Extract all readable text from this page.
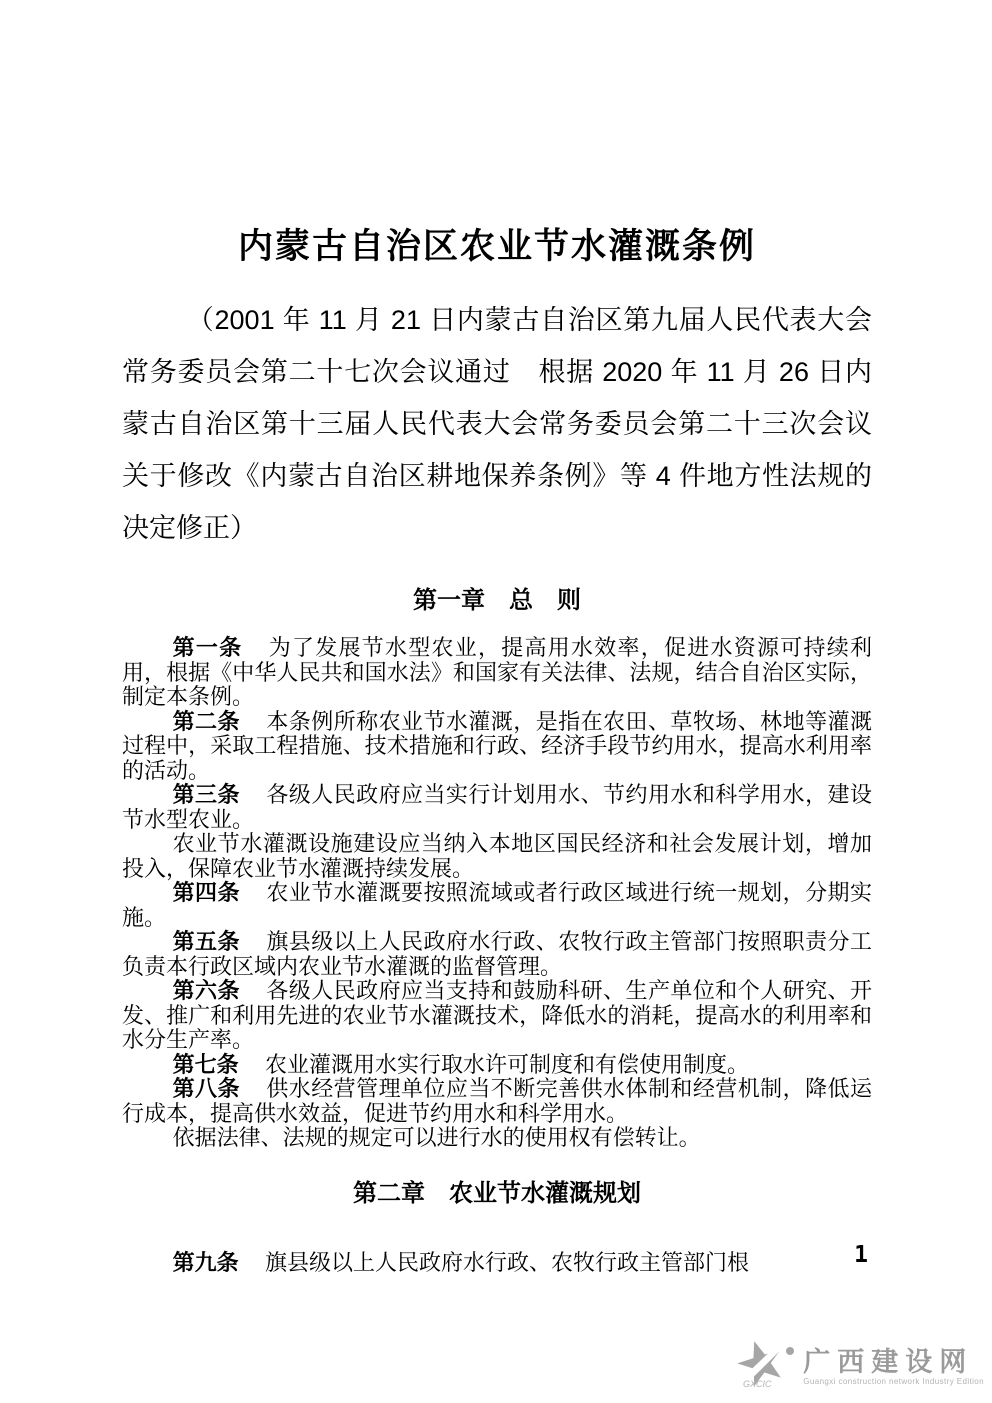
内蒙古自治区农业节水灌溉条例

（2001 年 11 月 21 日内蒙古自治区第九届人民代表大会常务委员会第二十七次会议通过　根据 2020 年 11 月 26 日内蒙古自治区第十三届人民代表大会常务委员会第二十三次会议关于修改《内蒙古自治区耕地保养条例》等 4 件地方性法规的决定修正）

第一章　总　则

第一条 为了发展节水型农业，提高用水效率，促进水资源可持续利用，根据《中华人民共和国水法》和国家有关法律、法规，结合自治区实际，制定本条例。

第二条 本条例所称农业节水灌溉，是指在农田、草牧场、林地等灌溉过程中，采取工程措施、技术措施和行政、经济手段节约用水，提高水利用率的活动。

第三条 各级人民政府应当实行计划用水、节约用水和科学用水，建设节水型农业。

农业节水灌溉设施建设应当纳入本地区国民经济和社会发展计划，增加投入，保障农业节水灌溉持续发展。

第四条 农业节水灌溉要按照流域或者行政区域进行统一规划，分期实施。

第五条 旗县级以上人民政府水行政、农牧行政主管部门按照职责分工负责本行政区域内农业节水灌溉的监督管理。

第六条 各级人民政府应当支持和鼓励科研、生产单位和个人研究、开发、推广和利用先进的农业节水灌溉技术，降低水的消耗，提高水的利用率和水分生产率。

第七条 农业灌溉用水实行取水许可制度和有偿使用制度。

第八条 供水经营管理单位应当不断完善供水体制和经营机制，降低运行成本，提高供水效益，促进节约用水和科学用水。

依据法律、法规的规定可以进行水的使用权有偿转让。

第二章　农业节水灌溉规划

第九条 旗县级以上人民政府水行政、农牧行政主管部门根	1
GXCIC
广西建设网
Guangxi construction network Industry Edition
